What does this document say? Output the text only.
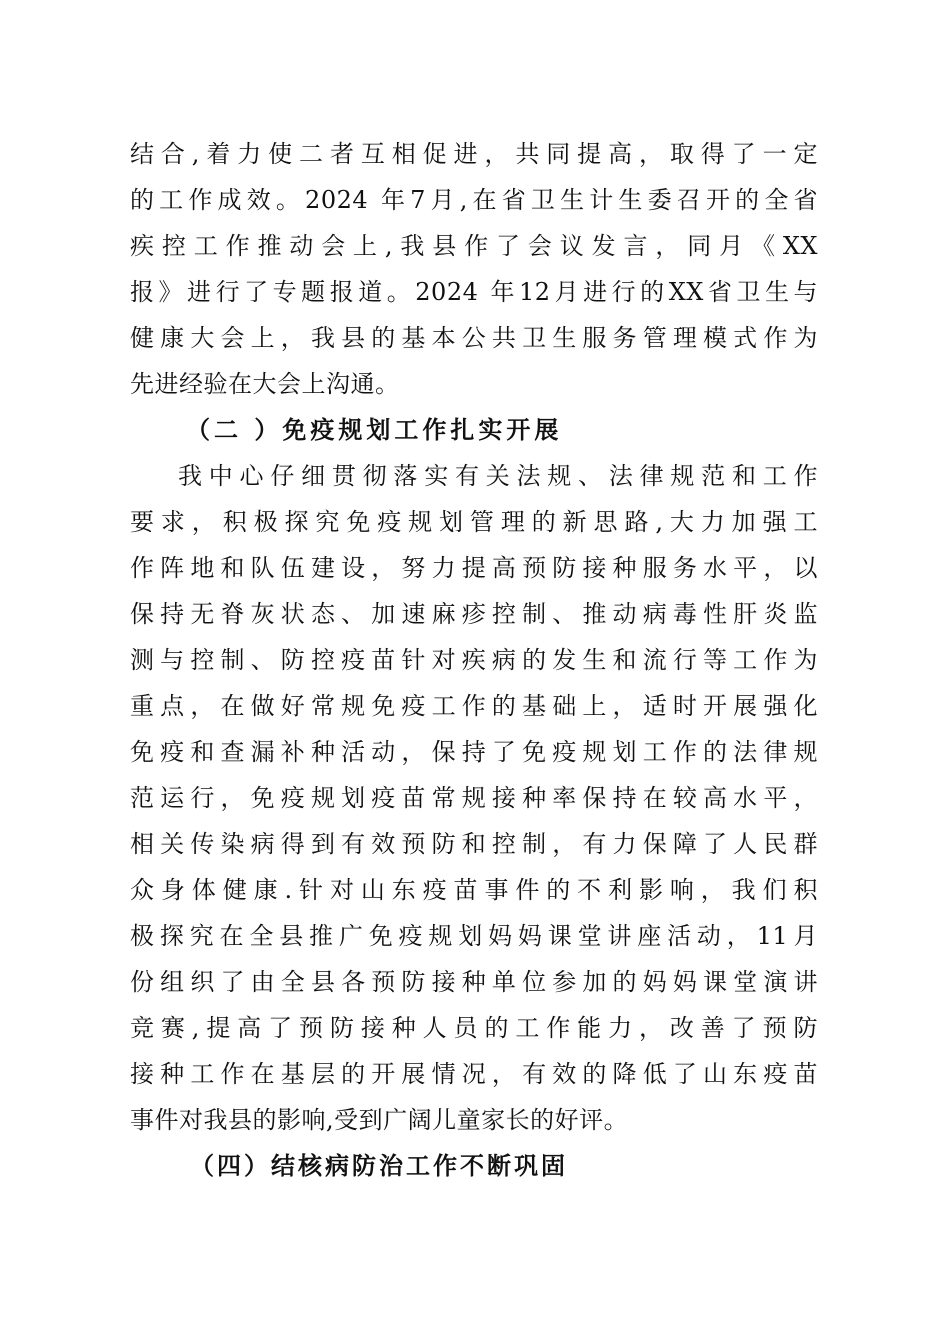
结合,着力使二者互相促进，共同提高，取得了一定
的工作成效。2024 年7月,在省卫生计生委召开的全省
疾控工作推动会上,我县作了会议发言，同月《XX
报》进行了专题报道。2024 年12月进行的XX省卫生与
健康大会上，我县的基本公共卫生服务管理模式作为
先进经验在大会上沟通。
（二 ）免疫规划工作扎实开展
我中心仔细贯彻落实有关法规、法律规范和工作
要求，积极探究免疫规划管理的新思路,大力加强工
作阵地和队伍建设，努力提高预防接种服务水平，以
保持无脊灰状态、加速麻疹控制、推动病毒性肝炎监
测与控制、防控疫苗针对疾病的发生和流行等工作为
重点，在做好常规免疫工作的基础上，适时开展强化
免疫和查漏补种活动，保持了免疫规划工作的法律规
范运行，免疫规划疫苗常规接种率保持在较高水平，
相关传染病得到有效预防和控制，有力保障了人民群
众身体健康.针对山东疫苗事件的不利影响，我们积
极探究在全县推广免疫规划妈妈课堂讲座活动，11月
份组织了由全县各预防接种单位参加的妈妈课堂演讲
竞赛,提高了预防接种人员的工作能力，改善了预防
接种工作在基层的开展情况，有效的降低了山东疫苗
事件对我县的影响,受到广阔儿童家长的好评。
（四）结核病防治工作不断巩固
